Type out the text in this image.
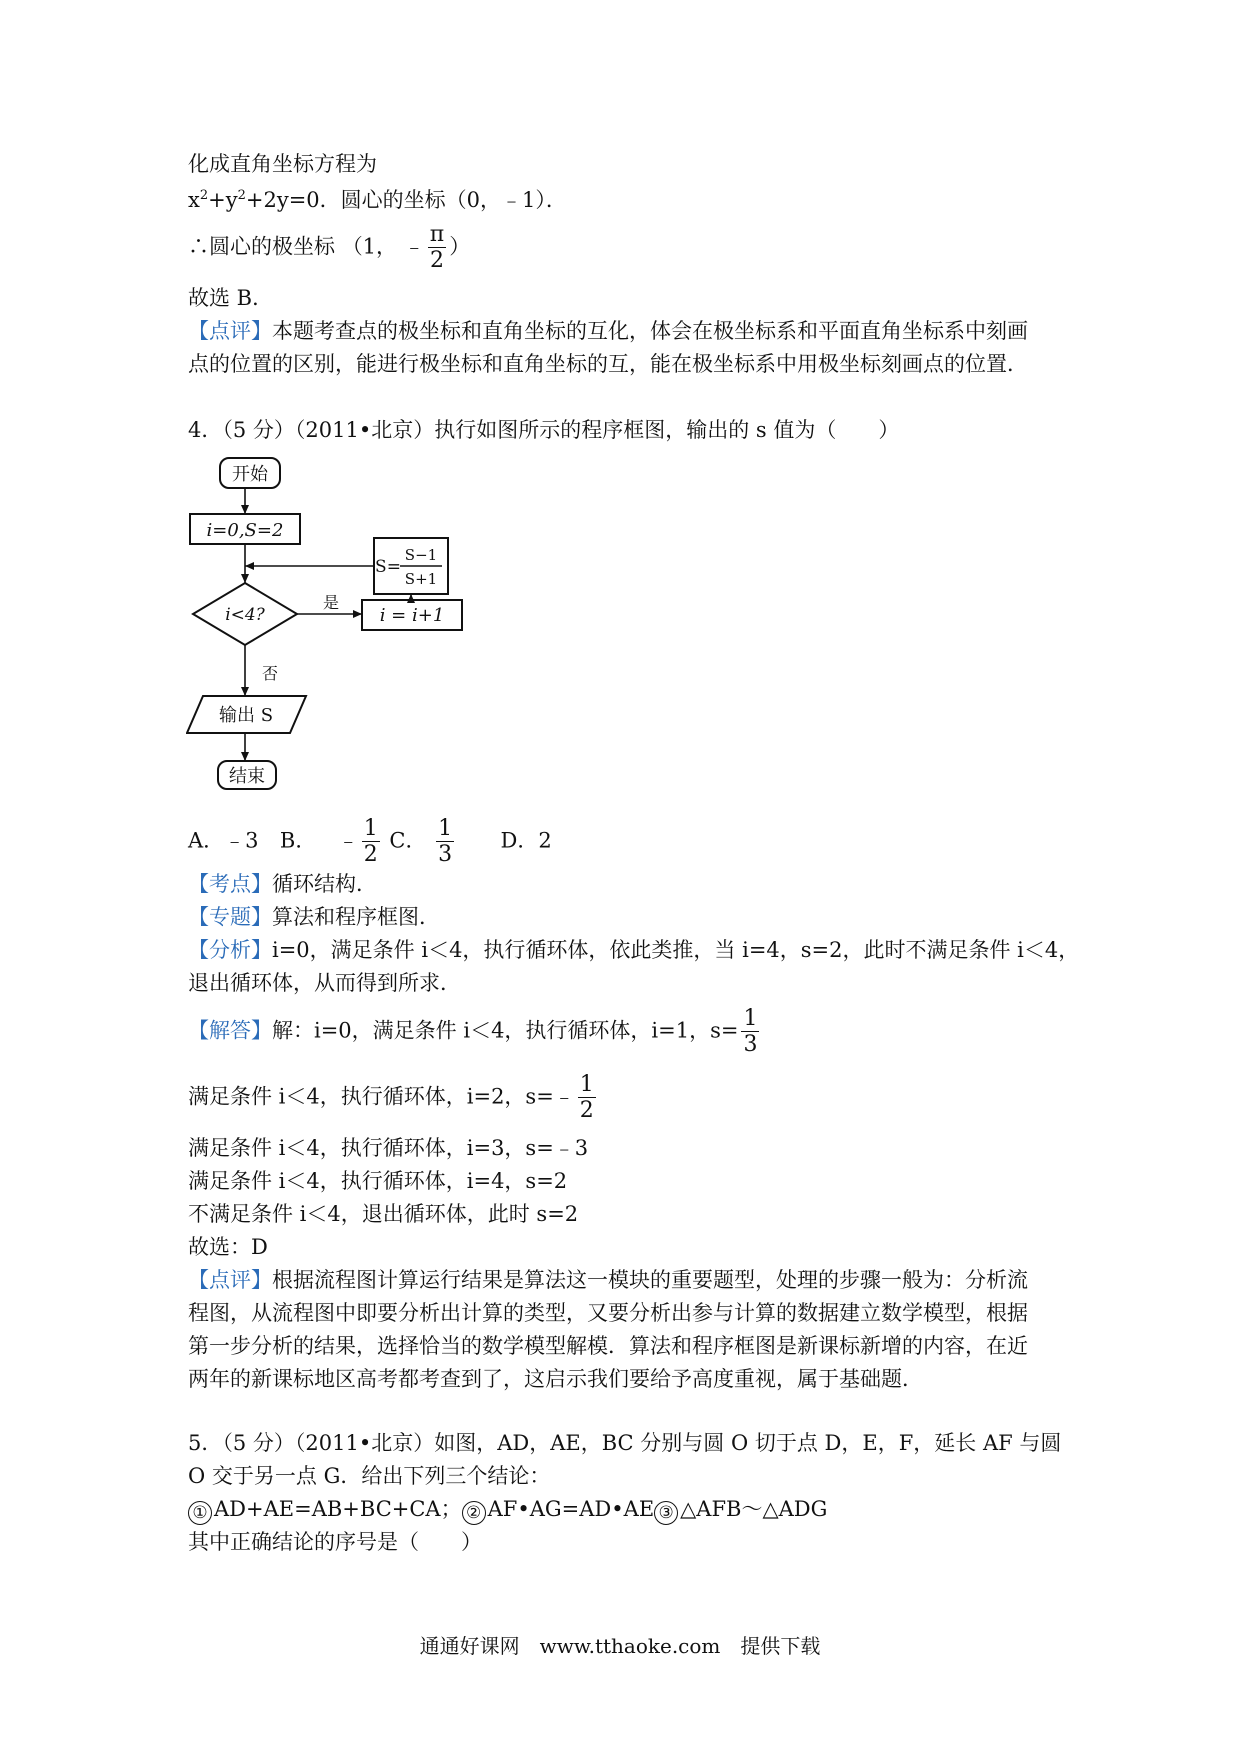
化成直角坐标方程为
$x^2+y^2+2y=0$．圆心的坐标（0，﹣1）．
∴圆心的极坐标 （1， ﹣ $\frac{\pi}{2}$ ）
故选 B．
【点评】本题考查点的极坐标和直角坐标的互化，体会在极坐标系和平面直角坐标系中刻画
点的位置的区别，能进行极坐标和直角坐标的互，能在极坐标系中用极坐标刻画点的位置．
4．（5 分）（2011•北京）执行如图所示的程序框图，输出的 s 值为（　　）
开始
i=0,S=2
S=
S−1
S+1
i<4?
是
i = i+1
否
输出 S
结束
A．﹣3 B． ﹣ $\frac{1}{2}$ C． $\frac{1}{3}$ D．2
【考点】循环结构．
【专题】算法和程序框图．
【分析】i=0，满足条件 i＜4，执行循环体，依此类推，当 i=4，s=2，此时不满足条件 i＜4，
退出循环体，从而得到所求．
【解答】解：i=0，满足条件 i＜4，执行循环体，i=1，$s= \frac{1}{3}$
满足条件 i＜4，执行循环体，i=2，s=﹣ $\frac{1}{2}$
满足条件 i＜4，执行循环体，i=3，s=﹣3
满足条件 i＜4，执行循环体，i=4，s=2
不满足条件 i＜4，退出循环体，此时 s=2
故选：D
【点评】根据流程图计算运行结果是算法这一模块的重要题型，处理的步骤一般为：分析流
程图，从流程图中即要分析出计算的类型，又要分析出参与计算的数据建立数学模型，根据
第一步分析的结果，选择恰当的数学模型解模．算法和程序框图是新课标新增的内容，在近
两年的新课标地区高考都考查到了，这启示我们要给予高度重视，属于基础题．
5．（5 分）（2011•北京）如图，AD，AE，BC 分别与圆 O 切于点 D，E，F，延长 AF 与圆
O 交于另一点 G．给出下列三个结论：
① AD+AE=AB+BC+CA； ② AF•AG=AD•AE ③ △AFB～△ADG
其中正确结论的序号是（　　）
通通好课网　www.tthaoke.com　提供下载
